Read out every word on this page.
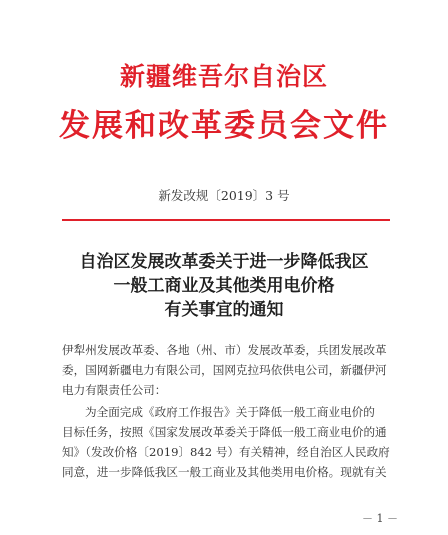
新疆维吾尔自治区
发展和改革委员会文件
新发改规〔2019〕3 号
自治区发展改革委关于进一步降低我区
一般工商业及其他类用电价格
有关事宜的通知
伊犁州发展改革委、各地（州、市）发展改革委，兵团发展改革
委，国网新疆电力有限公司，国网克拉玛依供电公司，新疆伊河
电力有限责任公司：
为全面完成《政府工作报告》关于降低一般工商业电价的
目标任务，按照《国家发展改革委关于降低一般工商业电价的通
知》（发改价格〔2019〕842 号）有关精神，经自治区人民政府
同意，进一步降低我区一般工商业及其他类用电价格。现就有关
－ 1 －
